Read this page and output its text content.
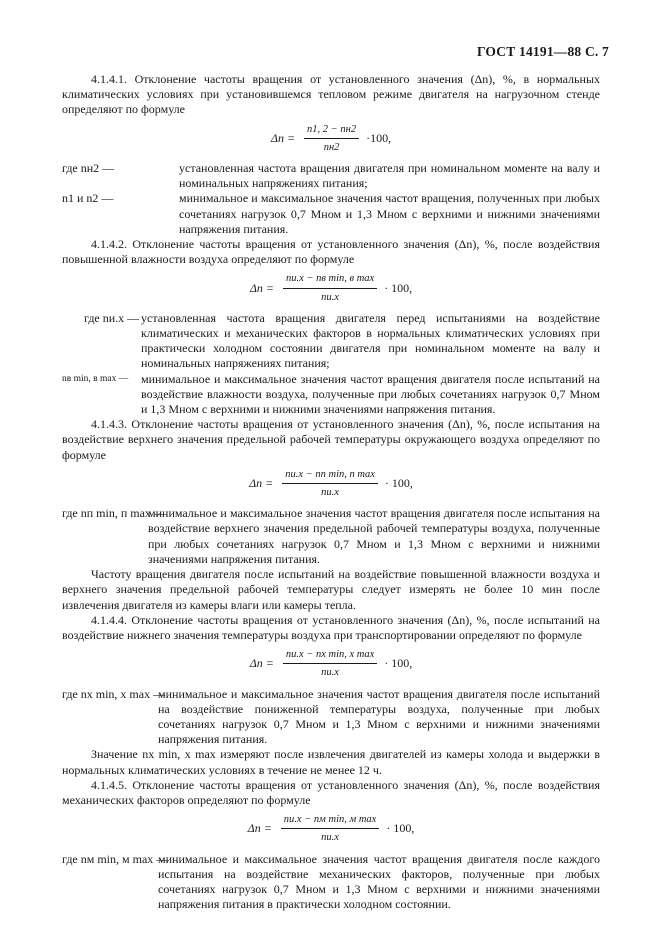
ГОСТ 14191—88 С. 7

4.1.4.1. Отклонение частоты вращения от установленного значения (Δn), %, в нормальных климатических условиях при установившемся тепловом режиме двигателя на нагрузочном стенде определяют по формуле

$\Delta n = \frac{n1, 2 - nн2}{nн2} \cdot 100$,
где nн2 —	установленная частота вращения двигателя при номинальном моменте на валу и номинальных напряжениях питания;
n1 и n2 —	минимальное и максимальное значения частот вращения, полученных при любых сочетаниях нагрузок 0,7 Mном и 1,3 Mном с верхними и нижними значениями напряжения питания.

4.1.4.2. Отклонение частоты вращения от установленного значения (Δn), %, после воздействия повышенной влажности воздуха определяют по формуле

$\Delta n = \frac{\text{nи.х − nв min, в max}}{nи.х} \cdot 100$,
где nи.х — установленная частота вращения двигателя перед испытаниями на воздействие климатических и механических факторов в нормальных климатических условиях при практически холодном состоянии двигателя при номинальном моменте на валу и номинальных напряжениях питания;
nв min, в max —	минимальное и максимальное значения частот вращения двигателя после испытаний на воздействие влажности воздуха, полученные при любых сочетаниях нагрузок 0,7 Mном и 1,3 Mном с верхними и нижними значениями напряжения питания.

4.1.4.3. Отклонение частоты вращения от установленного значения (Δn), %, после испытания на воздействие верхнего значения предельной рабочей температуры окружающего воздуха определяют по формуле

$\Delta n = \frac{\text{nи.х − nп min, п max}}{nи.х} \cdot 100$,
где nп min, п max —
минимальное и максимальное значения частот вращения двигателя после испытания на воздействие верхнего значения предельной рабочей температуры воздуха, полученные при любых сочетаниях нагрузок 0,7 Mном и 1,3 Mном с верхними и нижними значениями напряжения питания.

Частоту вращения двигателя после испытаний на воздействие повышенной влажности воздуха и верхнего значения предельной рабочей температуры следует измерять не более 10 мин после извлечения двигателя из камеры влаги или камеры тепла.

4.1.4.4. Отклонение частоты вращения от установленного значения (Δn), %, после испытаний на воздействие нижнего значения температуры воздуха при транспортировании определяют по формуле

$\Delta n = \frac{\text{nи.х − nх min, х max}}{nи.х} \cdot 100$,
где nх min, х max —
минимальное и максимальное значения частот вращения двигателя после испытаний на воздействие пониженной температуры воздуха, полученные при любых сочетаниях нагрузок 0,7 Mном и 1,3 Mном с верхними и нижними значениями напряжения питания.

Значение nх min, х max измеряют после извлечения двигателей из камеры холода и выдержки в нормальных климатических условиях в течение не менее 12 ч.

4.1.4.5. Отклонение частоты вращения от установленного значения (Δn), %, после воздействия механических факторов определяют по формуле

$\Delta n = \frac{\text{nи.х − nм min, м max}}{nи.х} \cdot 100$,
где nм min, м max —
минимальное и максимальное значения частот вращения двигателя после каждого испытания на воздействие механических факторов, полученные при любых сочетаниях нагрузок 0,7 Mном и 1,3 Mном с верхними и нижними значениями напряжения питания в практически холодном состоянии.
